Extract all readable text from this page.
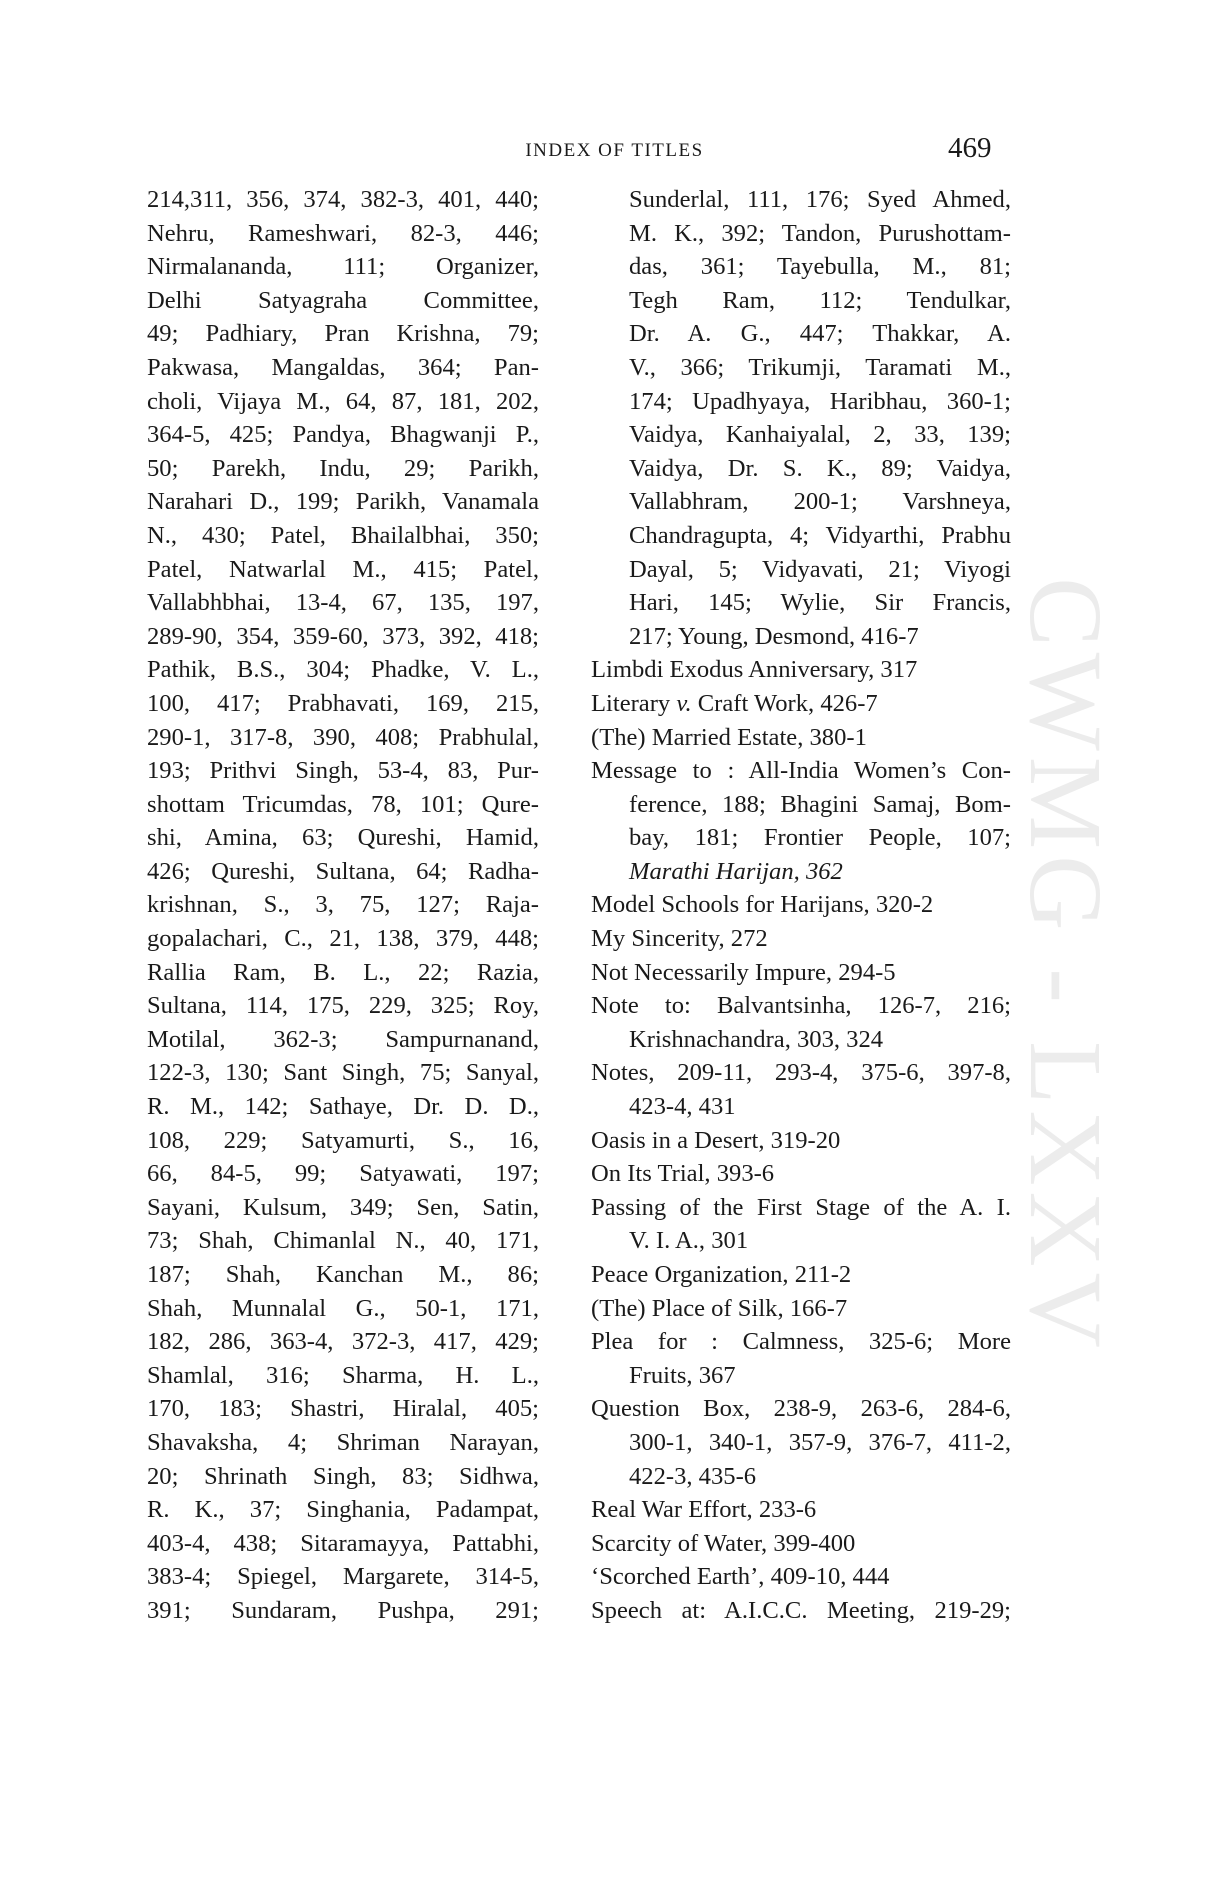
INDEX OF TITLES	469
CWMG - LXXV
214,311, 356, 374, 382-3, 401, 440;
Nehru, Rameshwari, 82-3, 446;
Nirmalananda, 111; Organizer,
Delhi Satyagraha Committee,
49; Padhiary, Pran Krishna, 79;
Pakwasa, Mangaldas, 364; Pan-
choli, Vijaya M., 64, 87, 181, 202,
364-5, 425; Pandya, Bhagwanji P.,
50; Parekh, Indu, 29; Parikh,
Narahari D., 199; Parikh, Vanamala
N., 430; Patel, Bhailalbhai, 350;
Patel, Natwarlal M., 415; Patel,
Vallabhbhai, 13-4, 67, 135, 197,
289-90, 354, 359-60, 373, 392, 418;
Pathik, B.S., 304; Phadke, V. L.,
100, 417; Prabhavati, 169, 215,
290-1, 317-8, 390, 408; Prabhulal,
193; Prithvi Singh, 53-4, 83, Pur-
shottam Tricumdas, 78, 101; Qure-
shi, Amina, 63; Qureshi, Hamid,
426; Qureshi, Sultana, 64; Radha-
krishnan, S., 3, 75, 127; Raja-
gopalachari, C., 21, 138, 379, 448;
Rallia Ram, B. L., 22; Razia,
Sultana, 114, 175, 229, 325; Roy,
Motilal, 362-3; Sampurnanand,
122-3, 130; Sant Singh, 75; Sanyal,
R. M., 142; Sathaye, Dr. D. D.,
108, 229; Satyamurti, S., 16,
66, 84-5, 99; Satyawati, 197;
Sayani, Kulsum, 349; Sen, Satin,
73; Shah, Chimanlal N., 40, 171,
187; Shah, Kanchan M., 86;
Shah, Munnalal G., 50-1, 171,
182, 286, 363-4, 372-3, 417, 429;
Shamlal, 316; Sharma, H. L.,
170, 183; Shastri, Hiralal, 405;
Shavaksha, 4; Shriman Narayan,
20; Shrinath Singh, 83; Sidhwa,
R. K., 37; Singhania, Padampat,
403-4, 438; Sitaramayya, Pattabhi,
383-4; Spiegel, Margarete, 314-5,
391; Sundaram, Pushpa, 291;
Sunderlal, 111, 176; Syed Ahmed,
M. K., 392; Tandon, Purushottam-
das, 361; Tayebulla, M., 81;
Tegh Ram, 112; Tendulkar,
Dr. A. G., 447; Thakkar, A.
V., 366; Trikumji, Taramati M.,
174; Upadhyaya, Haribhau, 360-1;
Vaidya, Kanhaiyalal, 2, 33, 139;
Vaidya, Dr. S. K., 89; Vaidya,
Vallabhram, 200-1; Varshneya,
Chandragupta, 4; Vidyarthi, Prabhu
Dayal, 5; Vidyavati, 21; Viyogi
Hari, 145; Wylie, Sir Francis,
217; Young, Desmond, 416-7
Limbdi Exodus Anniversary, 317
Literary v. Craft Work, 426-7
(The) Married Estate, 380-1
Message to : All-India Women’s Con-
ference, 188; Bhagini Samaj, Bom-
bay, 181; Frontier People, 107;
Marathi Harijan, 362
Model Schools for Harijans, 320-2
My Sincerity, 272
Not Necessarily Impure, 294-5
Note to: Balvantsinha, 126-7, 216;
Krishnachandra, 303, 324
Notes, 209-11, 293-4, 375-6, 397-8,
423-4, 431
Oasis in a Desert, 319-20
On Its Trial, 393-6
Passing of the First Stage of the A. I.
V. I. A., 301
Peace Organization, 211-2
(The) Place of Silk, 166-7
Plea for : Calmness, 325-6; More
Fruits, 367
Question Box, 238-9, 263-6, 284-6,
300-1, 340-1, 357-9, 376-7, 411-2,
422-3, 435-6
Real War Effort, 233-6
Scarcity of Water, 399-400
‘Scorched Earth’, 409-10, 444
Speech at: A.I.C.C. Meeting, 219-29;
